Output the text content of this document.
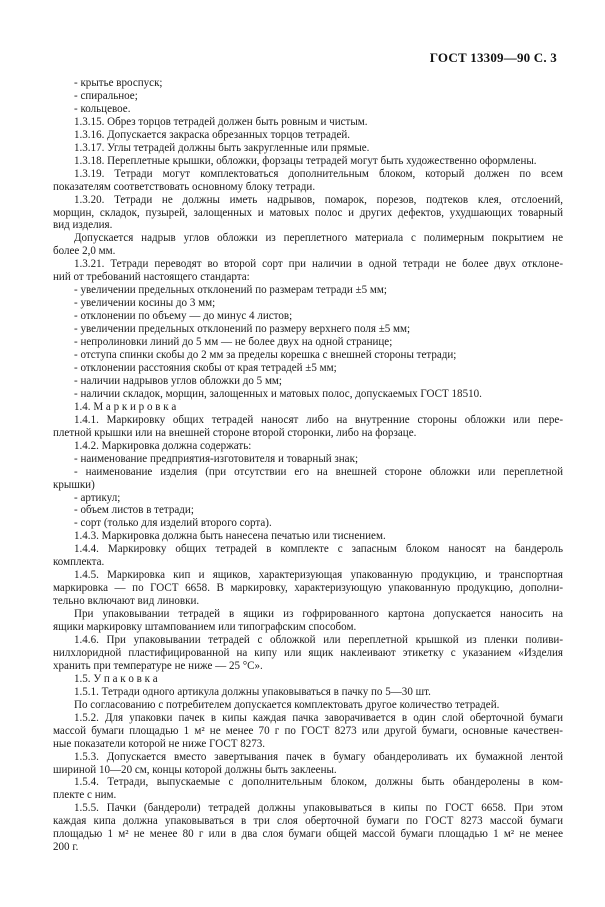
ГОСТ 13309—90 С. 3
- крытье вроспуск;
- спиральное;
- кольцевое.
1.3.15. Обрез торцов тетрадей должен быть ровным и чистым.
1.3.16. Допускается закраска обрезанных торцов тетрадей.
1.3.17. Углы тетрадей должны быть закругленные или прямые.
1.3.18. Переплетные крышки, обложки, форзацы тетрадей могут быть художественно оформлены.
1.3.19. Тетради могут комплектоваться дополнительным блоком, который должен по всем
показателям соответствовать основному блоку тетради.
1.3.20. Тетради не должны иметь надрывов, помарок, порезов, подтеков клея, отслоений,
морщин, складок, пузырей, залощенных и матовых полос и других дефектов, ухудшающих товарный
вид изделия.
Допускается надрыв углов обложки из переплетного материала с полимерным покрытием не
более 2,0 мм.
1.3.21. Тетради переводят во второй сорт при наличии в одной тетради не более двух отклоне-
ний от требований настоящего стандарта:
- увеличении предельных отклонений по размерам тетради ±5 мм;
- увеличении косины до 3 мм;
- отклонении по объему — до минус 4 листов;
- увеличении предельных отклонений по размеру верхнего поля ±5 мм;
- непролиновки линий до 5 мм — не более двух на одной странице;
- отступа спинки скобы до 2 мм за пределы корешка с внешней стороны тетради;
- отклонении расстояния скобы от края тетрадей ±5 мм;
- наличии надрывов углов обложки до 5 мм;
- наличии складок, морщин, залощенных и матовых полос, допускаемых ГОСТ 18510.
1.4. М а р к и р о в к а
1.4.1. Маркировку общих тетрадей наносят либо на внутренние стороны обложки или пере-
плетной крышки или на внешней стороне второй сторонки, либо на форзаце.
1.4.2. Маркировка должна содержать:
- наименование предприятия-изготовителя и товарный знак;
- наименование изделия (при отсутствии его на внешней стороне обложки или переплетной
крышки)
- артикул;
- объем листов в тетради;
- сорт (только для изделий второго сорта).
1.4.3. Маркировка должна быть нанесена печатью или тиснением.
1.4.4. Маркировку общих тетрадей в комплекте с запасным блоком наносят на бандероль
комплекта.
1.4.5. Маркировка кип и ящиков, характеризующая упакованную продукцию, и транспортная
маркировка — по ГОСТ 6658. В маркировку, характеризующую упакованную продукцию, дополни-
тельно включают вид линовки.
При упаковывании тетрадей в ящики из гофрированного картона допускается наносить на
ящики маркировку штампованием или типографским способом.
1.4.6. При упаковывании тетрадей с обложкой или переплетной крышкой из пленки поливи-
нилхлоридной пластифицированной на кипу или ящик наклеивают этикетку с указанием «Изделия
хранить при температуре не ниже — 25 °С».
1.5. У п а к о в к а
1.5.1. Тетради одного артикула должны упаковываться в пачку по 5—30 шт.
По согласованию с потребителем допускается комплектовать другое количество тетрадей.
1.5.2. Для упаковки пачек в кипы каждая пачка заворачивается в один слой оберточной бумаги
массой бумаги площадью 1 м² не менее 70 г по ГОСТ 8273 или другой бумаги, основные качествен-
ные показатели которой не ниже ГОСТ 8273.
1.5.3. Допускается вместо завертывания пачек в бумагу обандероливать их бумажной лентой
шириной 10—20 см, концы которой должны быть заклеены.
1.5.4. Тетради, выпускаемые с дополнительным блоком, должны быть обандеролены в ком-
плекте с ним.
1.5.5. Пачки (бандероли) тетрадей должны упаковываться в кипы по ГОСТ 6658. При этом
каждая кипа должна упаковываться в три слоя оберточной бумаги по ГОСТ 8273 массой бумаги
площадью 1 м² не менее 80 г или в два слоя бумаги общей массой бумаги площадью 1 м² не менее
200 г.
